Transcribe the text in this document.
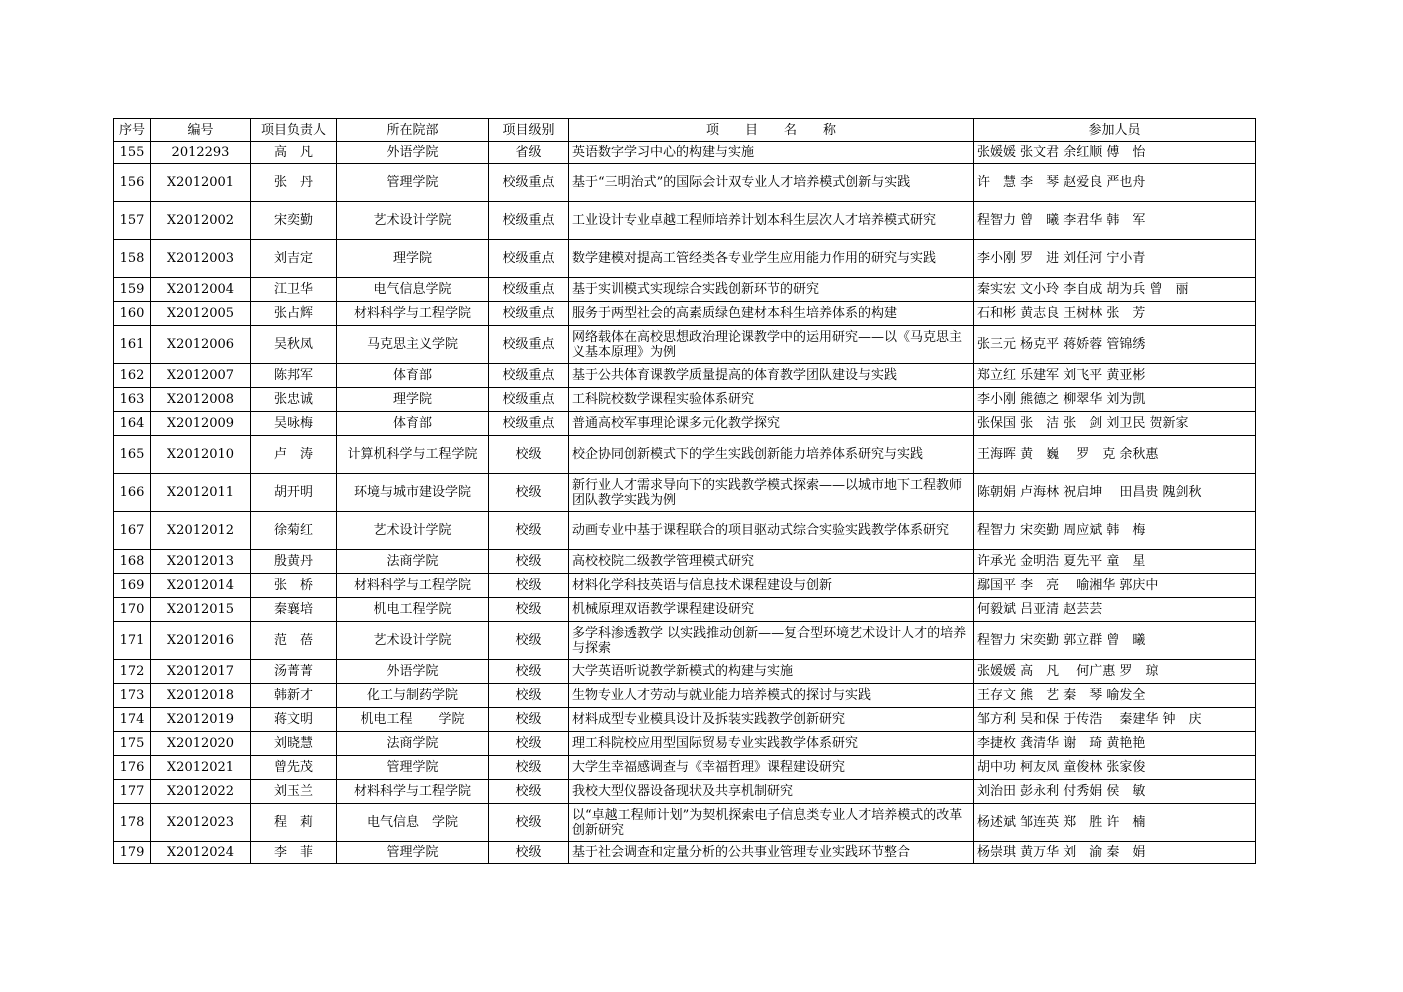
序号	编号	项目负责人	所在院部	项目级别	项　　目　　名　　称	参加人员
155	2012293	高　凡	外语学院	省级	英语数字学习中心的构建与实施	张媛媛 张文君 余红顺 傅　怡
156	X2012001	张　丹	管理学院	校级重点	基于“三明治式”的国际会计双专业人才培养模式创新与实践	许　慧 李　琴 赵爱良 严也舟
157	X2012002	宋奕勤	艺术设计学院	校级重点	工业设计专业卓越工程师培养计划本科生层次人才培养模式研究	程智力 曾　曦 李君华 韩　军
158	X2012003	刘吉定	理学院	校级重点	数学建模对提高工管经类各专业学生应用能力作用的研究与实践	李小刚 罗　进 刘任河 宁小青
159	X2012004	江卫华	电气信息学院	校级重点	基于实训模式实现综合实践创新环节的研究	秦实宏 文小玲 李自成 胡为兵 曾　丽
160	X2012005	张占辉	材料科学与工程学院	校级重点	服务于两型社会的高素质绿色建材本科生培养体系的构建	石和彬 黄志良 王树林 张　芳
161	X2012006	吴秋凤	马克思主义学院	校级重点	网络载体在高校思想政治理论课教学中的运用研究——以《马克思主义基本原理》为例	张三元 杨克平 蒋娇蓉 管锦绣
162	X2012007	陈邦军	体育部	校级重点	基于公共体育课教学质量提高的体育教学团队建设与实践	郑立红 乐建军 刘飞平 黄亚彬
163	X2012008	张忠诚	理学院	校级重点	工科院校数学课程实验体系研究	李小刚 熊德之 柳翠华 刘为凯
164	X2012009	吴咏梅	体育部	校级重点	普通高校军事理论课多元化教学探究	张保国 张　洁 张　剑 刘卫民 贺新家
165	X2012010	卢　涛	计算机科学与工程学院	校级	校企协同创新模式下的学生实践创新能力培养体系研究与实践	王海晖 黄　巍　 罗　克 余秋惠
166	X2012011	胡开明	环境与城市建设学院	校级	新行业人才需求导向下的实践教学模式探索——以城市地下工程教师团队教学实践为例	陈朝娟 卢海林 祝启坤　 田昌贵 隗剑秋
167	X2012012	徐菊红	艺术设计学院	校级	动画专业中基于课程联合的项目驱动式综合实验实践教学体系研究	程智力 宋奕勤 周应斌 韩　梅
168	X2012013	殷黄丹	法商学院	校级	高校校院二级教学管理模式研究	许承光 金明浩 夏先平 童　星
169	X2012014	张　桥	材料科学与工程学院	校级	材料化学科技英语与信息技术课程建设与创新	鄢国平 李　亮　 喻湘华 郭庆中
170	X2012015	秦襄培	机电工程学院	校级	机械原理双语教学课程建设研究	何毅斌 吕亚清 赵芸芸
171	X2012016	范　蓓	艺术设计学院	校级	多学科渗透教学 以实践推动创新——复合型环境艺术设计人才的培养与探索	程智力 宋奕勤 郭立群 曾　曦
172	X2012017	汤菁菁	外语学院	校级	大学英语听说教学新模式的构建与实施	张媛媛 高　凡　 何广惠 罗　琼
173	X2012018	韩新才	化工与制药学院	校级	生物专业人才劳动与就业能力培养模式的探讨与实践	王存文 熊　艺 秦　琴 喻发全
174	X2012019	蒋文明	机电工程　　学院	校级	材料成型专业模具设计及拆装实践教学创新研究	邹方利 吴和保 于传浩　 秦建华 钟　庆
175	X2012020	刘晓慧	法商学院	校级	理工科院校应用型国际贸易专业实践教学体系研究	李捷枚 龚清华 谢　琦 黄艳艳
176	X2012021	曾先茂	管理学院	校级	大学生幸福感调查与《幸福哲理》课程建设研究	胡中功 柯友凤 童俊林 张家俊
177	X2012022	刘玉兰	材料科学与工程学院	校级	我校大型仪器设备现状及共享机制研究	刘治田 彭永利 付秀娟 侯　敏
178	X2012023	程　莉	电气信息　学院	校级	以“卓越工程师计划”为契机探索电子信息类专业人才培养模式的改革创新研究	杨述斌 邹连英 郑　胜 许　楠
179	X2012024	李　菲	管理学院	校级	基于社会调查和定量分析的公共事业管理专业实践环节整合	杨崇琪 黄万华 刘　渝 秦　娟
